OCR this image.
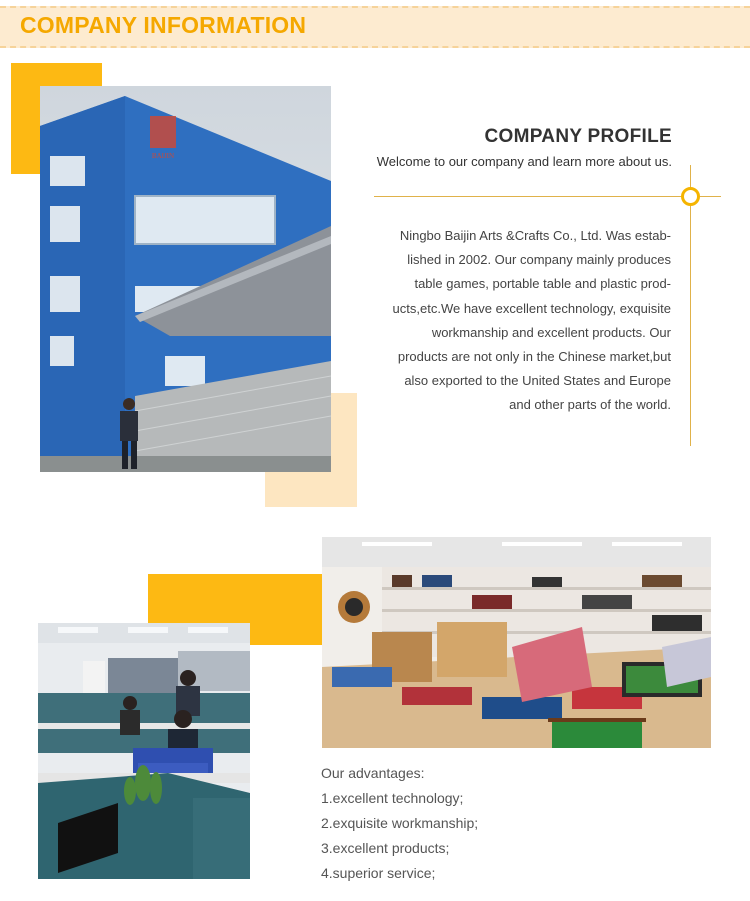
COMPANY INFORMATION
BAIJIN
COMPANY PROFILE
Welcome to our company and learn more about us.
Ningbo Baijin Arts &Crafts Co., Ltd. Was estab-
lished in 2002. Our company mainly produces
table games, portable table and plastic prod-
ucts,etc.We have excellent technology, exquisite
workmanship and excellent products. Our
products are not only in the Chinese market,but
also exported to the United States and Europe
and other parts of the world.
Our advantages:
1.excellent technology;
2.exquisite workmanship;
3.excellent products;
4.superior service;
